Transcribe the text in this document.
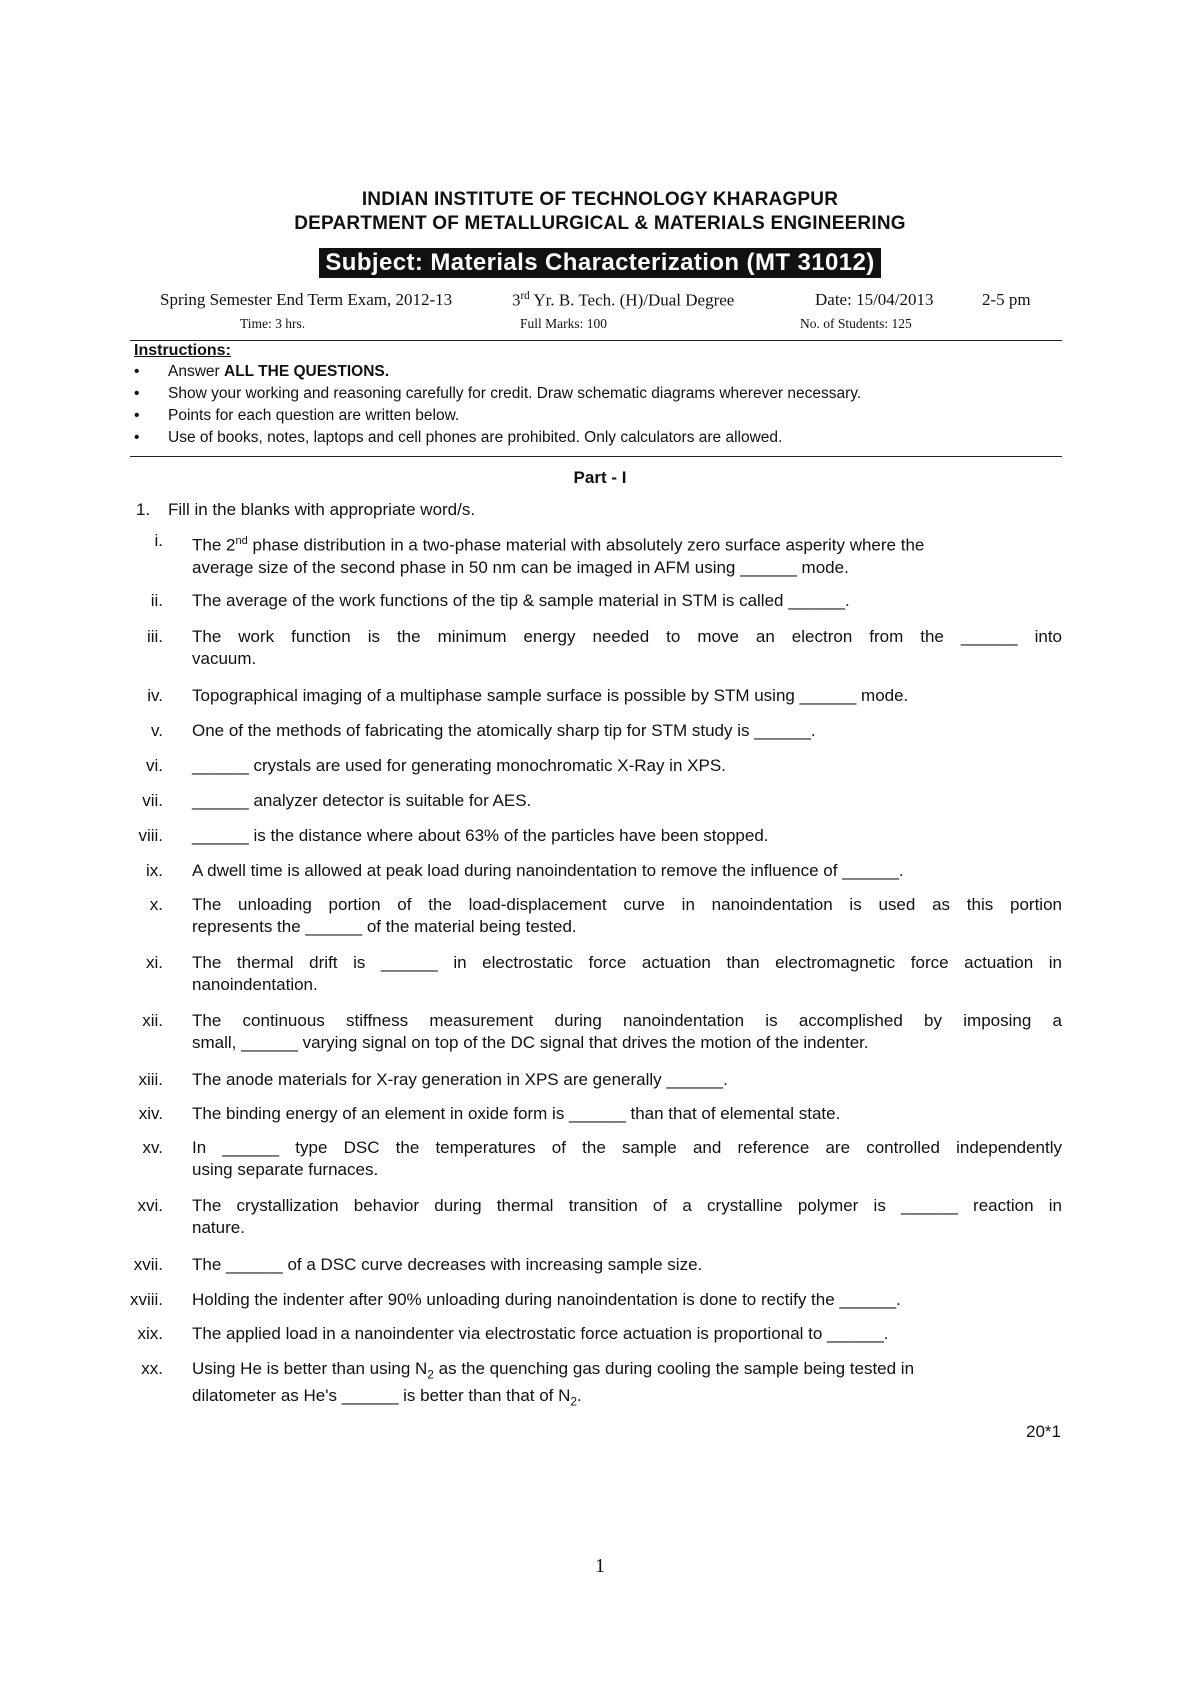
INDIAN INSTITUTE OF TECHNOLOGY KHARAGPUR
DEPARTMENT OF METALLURGICAL & MATERIALS ENGINEERING
Subject: Materials Characterization (MT 31012)
Spring Semester End Term Exam, 2012-13	3rd Yr. B. Tech. (H)/Dual Degree	Date: 15/04/2013	2-5 pm
Time: 3 hrs.	Full Marks: 100	No. of Students: 125
Instructions:
•	Answer ALL THE QUESTIONS.
•	Show your working and reasoning carefully for credit. Draw schematic diagrams wherever necessary.
•	Points for each question are written below.
•	Use of books, notes, laptops and cell phones are prohibited. Only calculators are allowed.
Part - I
1. Fill in the blanks with appropriate word/s.
i. The 2nd phase distribution in a two-phase material with absolutely zero surface asperity where the
average size of the second phase in 50 nm can be imaged in AFM using ______ mode.
ii. The average of the work functions of the tip & sample material in STM is called ______.
iii. The work function is the minimum energy needed to move an electron from the ______ into
vacuum.
iv. Topographical imaging of a multiphase sample surface is possible by STM using ______ mode.
v. One of the methods of fabricating the atomically sharp tip for STM study is ______.
vi. ______ crystals are used for generating monochromatic X-Ray in XPS.
vii. ______ analyzer detector is suitable for AES.
viii. ______ is the distance where about 63% of the particles have been stopped.
ix. A dwell time is allowed at peak load during nanoindentation to remove the influence of ______.
x. The unloading portion of the load-displacement curve in nanoindentation is used as this portion
represents the ______ of the material being tested.
xi. The thermal drift is ______ in electrostatic force actuation than electromagnetic force actuation in
nanoindentation.
xii. The continuous stiffness measurement during nanoindentation is accomplished by imposing a
small, ______ varying signal on top of the DC signal that drives the motion of the indenter.
xiii. The anode materials for X-ray generation in XPS are generally ______.
xiv. The binding energy of an element in oxide form is ______ than that of elemental state.
xv. In ______ type DSC the temperatures of the sample and reference are controlled independently
using separate furnaces.
xvi. The crystallization behavior during thermal transition of a crystalline polymer is ______ reaction in
nature.
xvii. The ______ of a DSC curve decreases with increasing sample size.
xviii. Holding the indenter after 90% unloading during nanoindentation is done to rectify the ______.
xix. The applied load in a nanoindenter via electrostatic force actuation is proportional to ______.
xx. Using He is better than using $N_2$ as the quenching gas during cooling the sample being tested in
dilatometer as He's ______ is better than that of $N_2$.
20*1
1
